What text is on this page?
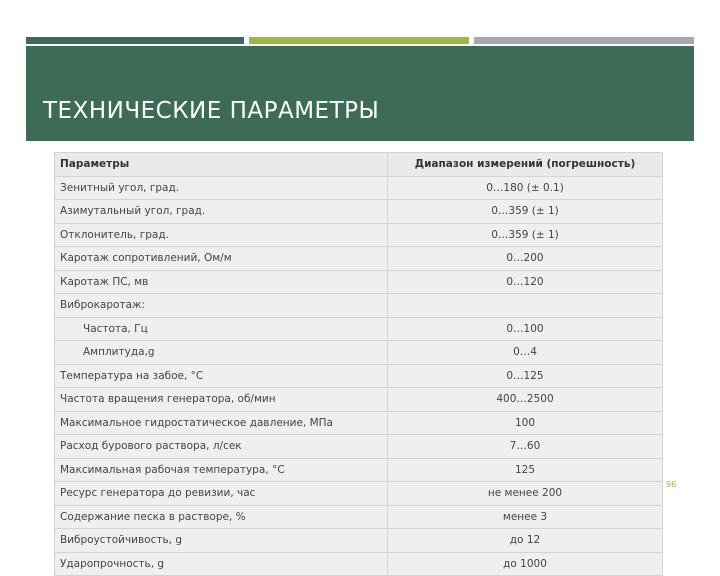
ТЕХНИЧЕСКИЕ ПАРАМЕТРЫ
Параметры	Диапазон измерений (погрешность)
Зенитный угол, град.	0…180 (± 0.1)
Азимутальный угол, град.	0…359 (± 1)
Отклонитель, град.	0…359 (± 1)
Каротаж сопротивлений, Ом/м	0…200
Каротаж ПС, мв	0…120
Виброкаротаж:	
Частота, Гц	0…100
Амплитуда,g	0…4
Температура на забое, °С	0…125
Частота вращения генератора, об/мин	400…2500
Максимальное гидростатическое давление, МПа	100
Расход бурового раствора, л/сек	7…60
Максимальная рабочая температура, °С	125
Ресурс генератора до ревизии, час	не менее 200
Содержание песка в растворе, %	менее 3
Виброустойчивость, g	до 12
Ударопрочность, g	до 1000
96
